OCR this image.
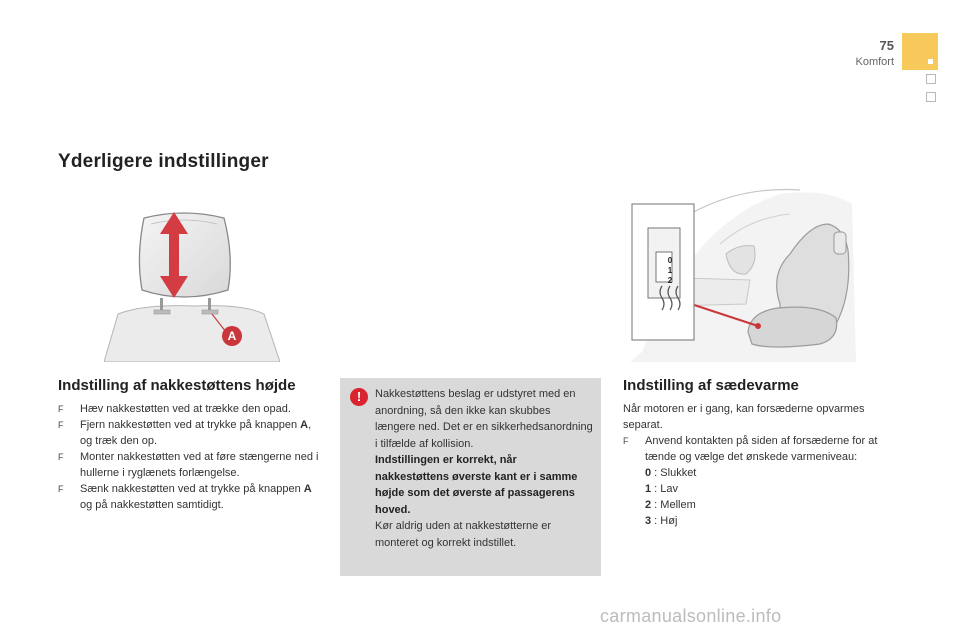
75
Komfort
Yderligere indstillinger
A
Indstilling af nakkestøttens højde
F Hæv nakkestøtten ved at trække den opad.
F Fjern nakkestøtten ved at trykke på knappen A, og træk den op.
F Monter nakkestøtten ved at føre stængerne ned i hullerne i ryglænets forlængelse.
F Sænk nakkestøtten ved at trykke på knappen A og på nakkestøtten samtidigt.
!	Nakkestøttens beslag er udstyret med en anordning, så den ikke kan skubbes længere ned. Det er en sikkerhedsanordning i tilfælde af kollision.
Indstillingen er korrekt, når nakkestøttens øverste kant er i samme højde som det øverste af passagerens hoved.
Kør aldrig uden at nakkestøtterne er monteret og korrekt indstillet.
0
1
2
Indstilling af sædevarme
Når motoren er i gang, kan forsæderne opvarmes separat.
F Anvend kontakten på siden af forsæderne for at tænde og vælge det ønskede varmeniveau:
0 : Slukket
1 : Lav
2 : Mellem
3 : Høj
carmanualsonline.info
